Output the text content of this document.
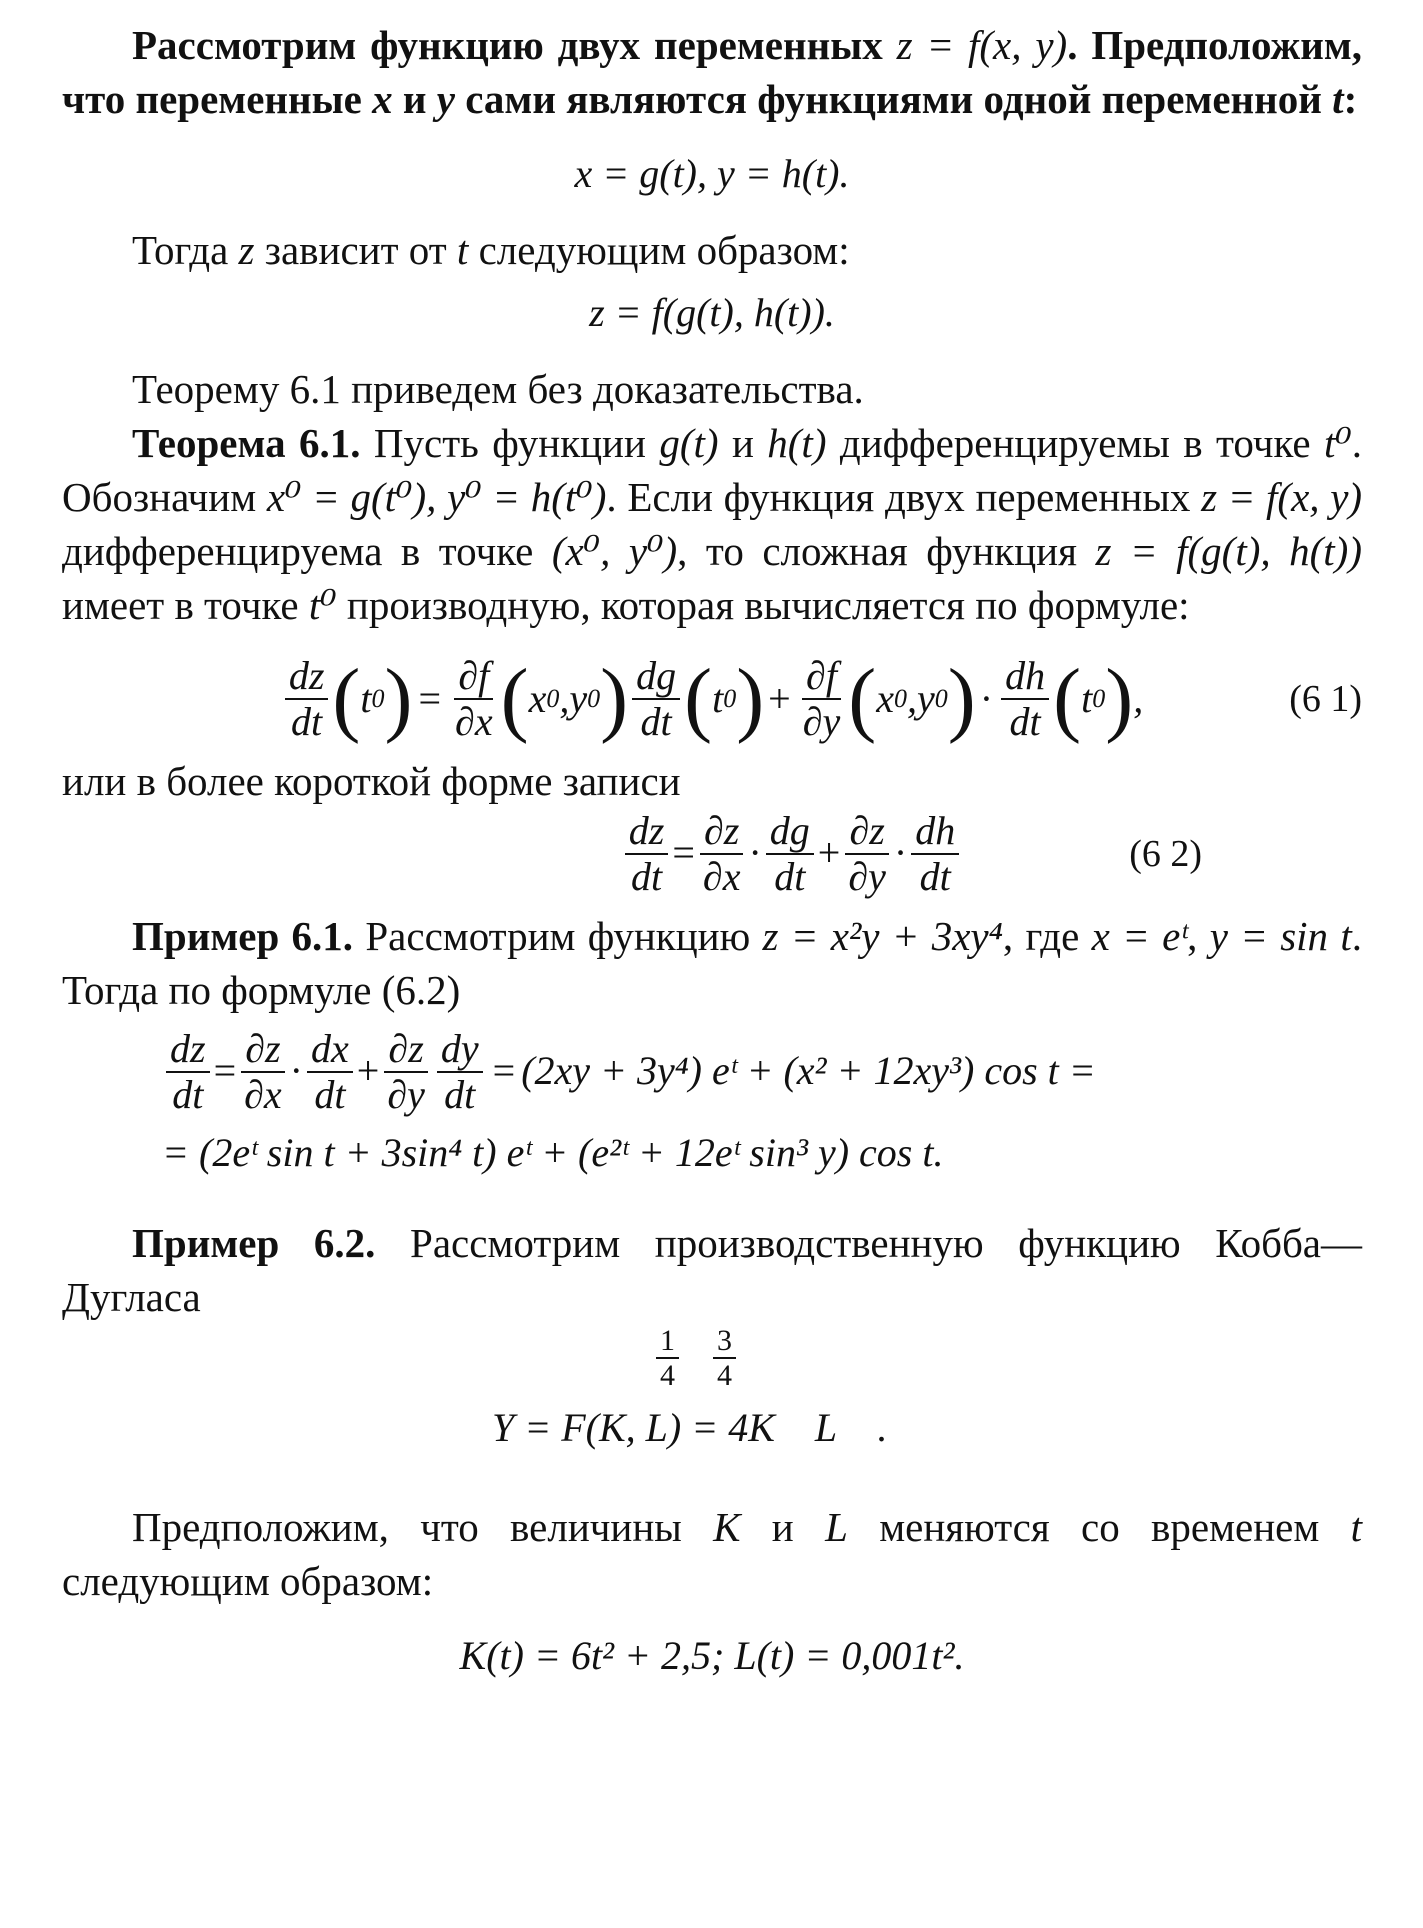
Рассмотрим функцию двух переменных z = f(x, y). Предположим, что переменные x и y сами являются функциями одной переменной t:

x = g(t), y = h(t).

Тогда z зависит от t следующим образом:

z = f(g(t), h(t)).

Теорему 6.1 приведем без доказательства.

Теорема 6.1. Пусть функции g(t) и h(t) дифференцируемы в точке t⁰. Обозначим x⁰ = g(t⁰), y⁰ = h(t⁰). Если функция двух переменных z = f(x, y) дифференцируема в точке (x⁰, y⁰), то сложная функция z = f(g(t), h(t)) имеет в точке t⁰ производную, которая вычисляется по формуле:

$\frac{dz}{dt}$ ( t 0 ) = $\frac{\partial f}{\partial x}$ ( x 0 ,y 0 ) $\frac{dg}{dt}$ ( t 0 ) + $\frac{\partial f}{\partial y}$ ( x 0 ,y 0 ) · $\frac{dh}{dt}$ ( t 0 ) ,	(6 1)

или в более короткой форме записи

$\frac{dz}{dt} = \frac{\partial z}{\partial x} \cdot \frac{dg}{dt} + \frac{\partial z}{\partial y} \cdot \frac{dh}{dt}$	(6 2)

Пример 6.1. Рассмотрим функцию z = x²y + 3xy⁴, где x = eᵗ, y = sin t. Тогда по формуле (6.2)

$\frac{dz}{dt} = \frac{\partial z}{\partial x} \cdot \frac{dx}{dt} + \frac{\partial z}{\partial y} \frac{dy}{dt} = (2xy + 3y^4)$ eᵗ + (x² + 12xy³) cos t =
= (2eᵗ sin t + 3sin⁴ t) eᵗ + (e²ᵗ + 12eᵗ sin³ y) cos t.

Пример 6.2. Рассмотрим производственную функцию Кобба—Дугласа

$\frac{1}{4} \frac{3}{4}$
Y = F(K, L) = 4K L .

Предположим, что величины K и L меняются со временем t следующим образом:

K(t) = 6t² + 2,5; L(t) = 0,001t².
